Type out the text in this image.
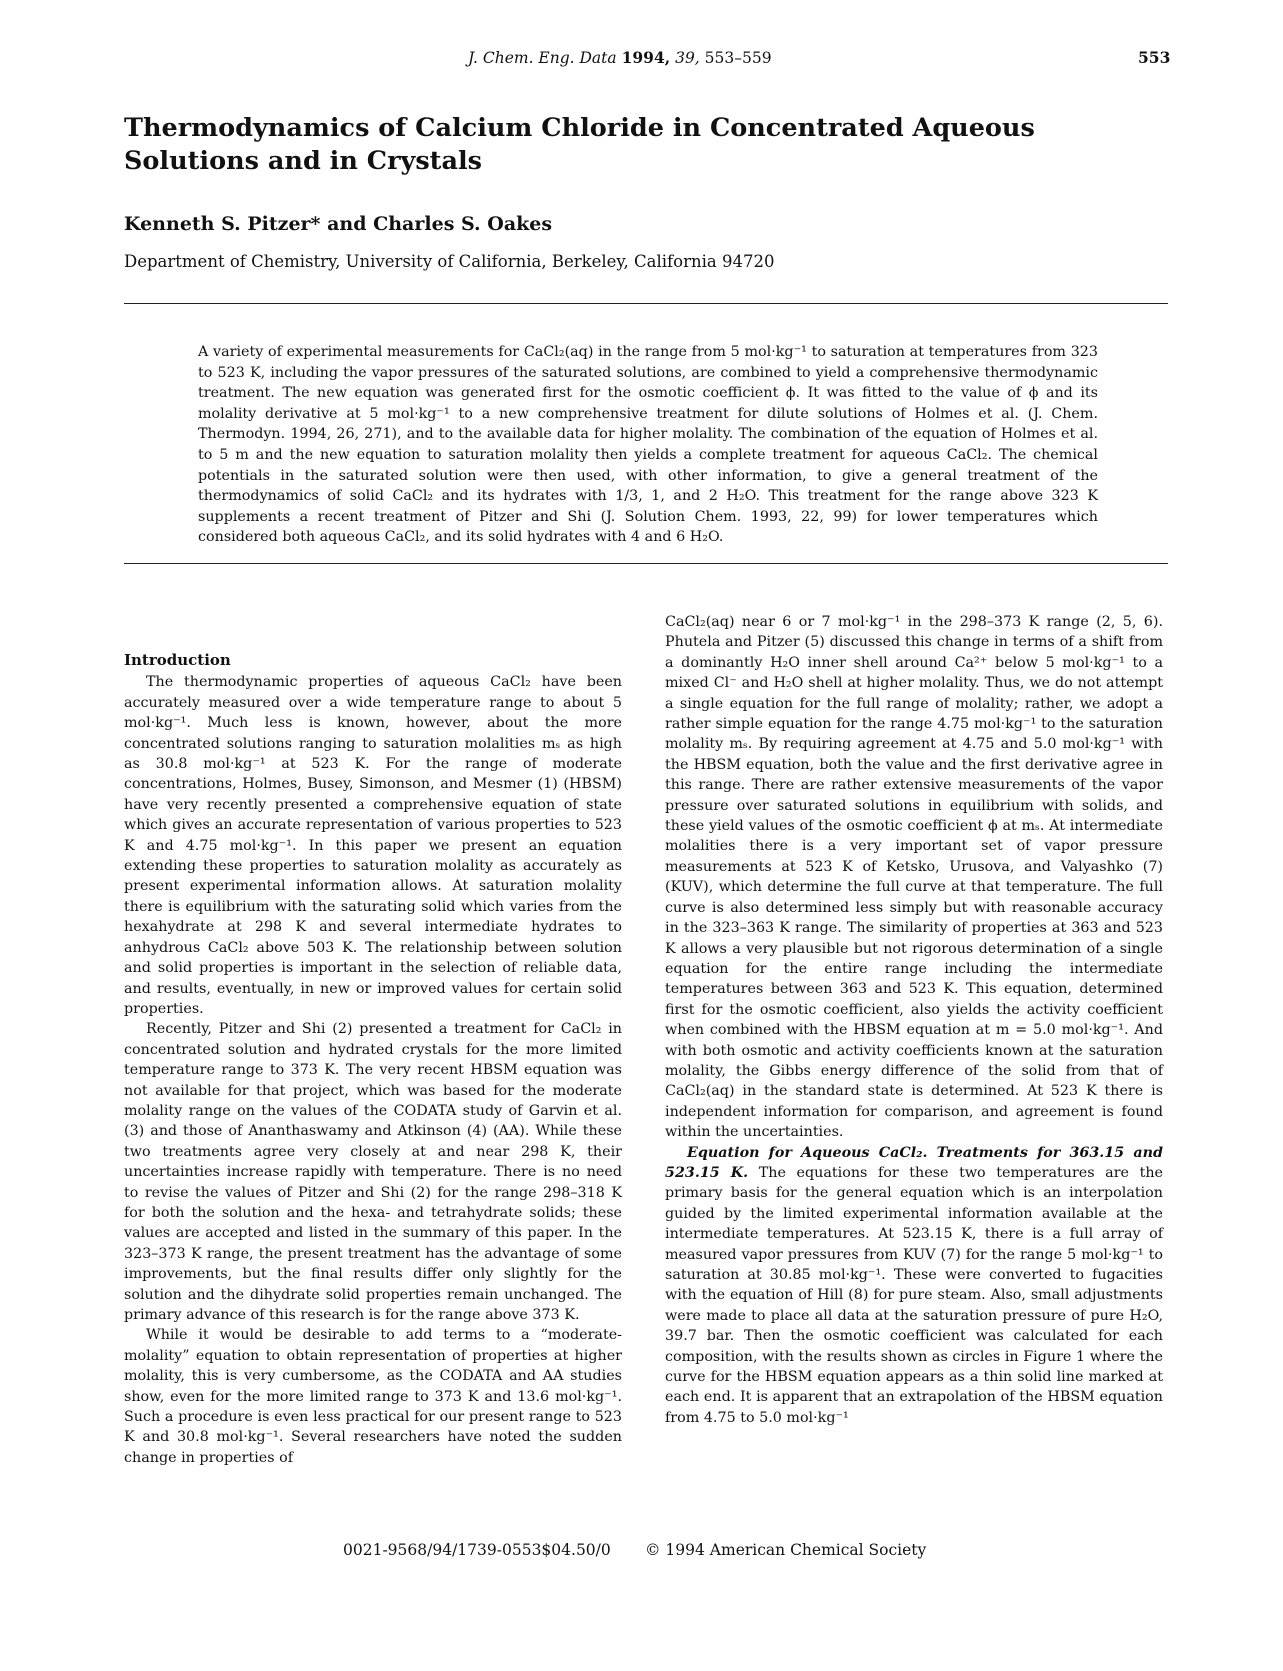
J. Chem. Eng. Data 1994, 39, 553–559	553
Thermodynamics of Calcium Chloride in Concentrated Aqueous Solutions and in Crystals
Kenneth S. Pitzer* and Charles S. Oakes
Department of Chemistry, University of California, Berkeley, California 94720

A variety of experimental measurements for CaCl₂(aq) in the range from 5 mol·kg⁻¹ to saturation at temperatures from 323 to 523 K, including the vapor pressures of the saturated solutions, are combined to yield a comprehensive thermodynamic treatment. The new equation was generated first for the osmotic coefficient ϕ. It was fitted to the value of ϕ and its molality derivative at 5 mol·kg⁻¹ to a new comprehensive treatment for dilute solutions of Holmes et al. (J. Chem. Thermodyn. 1994, 26, 271), and to the available data for higher molality. The combination of the equation of Holmes et al. to 5 m and the new equation to saturation molality then yields a complete treatment for aqueous CaCl₂. The chemical potentials in the saturated solution were then used, with other information, to give a general treatment of the thermodynamics of solid CaCl₂ and its hydrates with 1/3, 1, and 2 H₂O. This treatment for the range above 323 K supplements a recent treatment of Pitzer and Shi (J. Solution Chem. 1993, 22, 99) for lower temperatures which considered both aqueous CaCl₂, and its solid hydrates with 4 and 6 H₂O.

Introduction

The thermodynamic properties of aqueous CaCl₂ have been accurately measured over a wide temperature range to about 5 mol·kg⁻¹. Much less is known, however, about the more concentrated solutions ranging to saturation molalities mₛ as high as 30.8 mol·kg⁻¹ at 523 K. For the range of moderate concentrations, Holmes, Busey, Simonson, and Mesmer (1) (HBSM) have very recently presented a comprehensive equation of state which gives an accurate representation of various properties to 523 K and 4.75 mol·kg⁻¹. In this paper we present an equation extending these properties to saturation molality as accurately as present experimental information allows. At saturation molality there is equilibrium with the saturating solid which varies from the hexahydrate at 298 K and several intermediate hydrates to anhydrous CaCl₂ above 503 K. The relationship between solution and solid properties is important in the selection of reliable data, and results, eventually, in new or improved values for certain solid properties.

Recently, Pitzer and Shi (2) presented a treatment for CaCl₂ in concentrated solution and hydrated crystals for the more limited temperature range to 373 K. The very recent HBSM equation was not available for that project, which was based for the moderate molality range on the values of the CODATA study of Garvin et al. (3) and those of Ananthaswamy and Atkinson (4) (AA). While these two treatments agree very closely at and near 298 K, their uncertainties increase rapidly with temperature. There is no need to revise the values of Pitzer and Shi (2) for the range 298–318 K for both the solution and the hexa- and tetrahydrate solids; these values are accepted and listed in the summary of this paper. In the 323–373 K range, the present treatment has the advantage of some improvements, but the final results differ only slightly for the solution and the dihydrate solid properties remain unchanged. The primary advance of this research is for the range above 373 K.

While it would be desirable to add terms to a “moderate-molality” equation to obtain representation of properties at higher molality, this is very cumbersome, as the CODATA and AA studies show, even for the more limited range to 373 K and 13.6 mol·kg⁻¹. Such a procedure is even less practical for our present range to 523 K and 30.8 mol·kg⁻¹. Several researchers have noted the sudden change in properties of

CaCl₂(aq) near 6 or 7 mol·kg⁻¹ in the 298–373 K range (2, 5, 6). Phutela and Pitzer (5) discussed this change in terms of a shift from a dominantly H₂O inner shell around Ca²⁺ below 5 mol·kg⁻¹ to a mixed Cl⁻ and H₂O shell at higher molality. Thus, we do not attempt a single equation for the full range of molality; rather, we adopt a rather simple equation for the range 4.75 mol·kg⁻¹ to the saturation molality mₛ. By requiring agreement at 4.75 and 5.0 mol·kg⁻¹ with the HBSM equation, both the value and the first derivative agree in this range. There are rather extensive measurements of the vapor pressure over saturated solutions in equilibrium with solids, and these yield values of the osmotic coefficient ϕ at mₛ. At intermediate molalities there is a very important set of vapor pressure measurements at 523 K of Ketsko, Urusova, and Valyashko (7) (KUV), which determine the full curve at that temperature. The full curve is also determined less simply but with reasonable accuracy in the 323–363 K range. The similarity of properties at 363 and 523 K allows a very plausible but not rigorous determination of a single equation for the entire range including the intermediate temperatures between 363 and 523 K. This equation, determined first for the osmotic coefficient, also yields the activity coefficient when combined with the HBSM equation at m = 5.0 mol·kg⁻¹. And with both osmotic and activity coefficients known at the saturation molality, the Gibbs energy difference of the solid from that of CaCl₂(aq) in the standard state is determined. At 523 K there is independent information for comparison, and agreement is found within the uncertainties.

Equation for Aqueous CaCl₂. Treatments for 363.15 and 523.15 K. The equations for these two temperatures are the primary basis for the general equation which is an interpolation guided by the limited experimental information available at the intermediate temperatures. At 523.15 K, there is a full array of measured vapor pressures from KUV (7) for the range 5 mol·kg⁻¹ to saturation at 30.85 mol·kg⁻¹. These were converted to fugacities with the equation of Hill (8) for pure steam. Also, small adjustments were made to place all data at the saturation pressure of pure H₂O, 39.7 bar. Then the osmotic coefficient was calculated for each composition, with the results shown as circles in Figure 1 where the curve for the HBSM equation appears as a thin solid line marked at each end. It is apparent that an extrapolation of the HBSM equation from 4.75 to 5.0 mol·kg⁻¹

0021-9568/94/1739-0553$04.50/0 © 1994 American Chemical Society
